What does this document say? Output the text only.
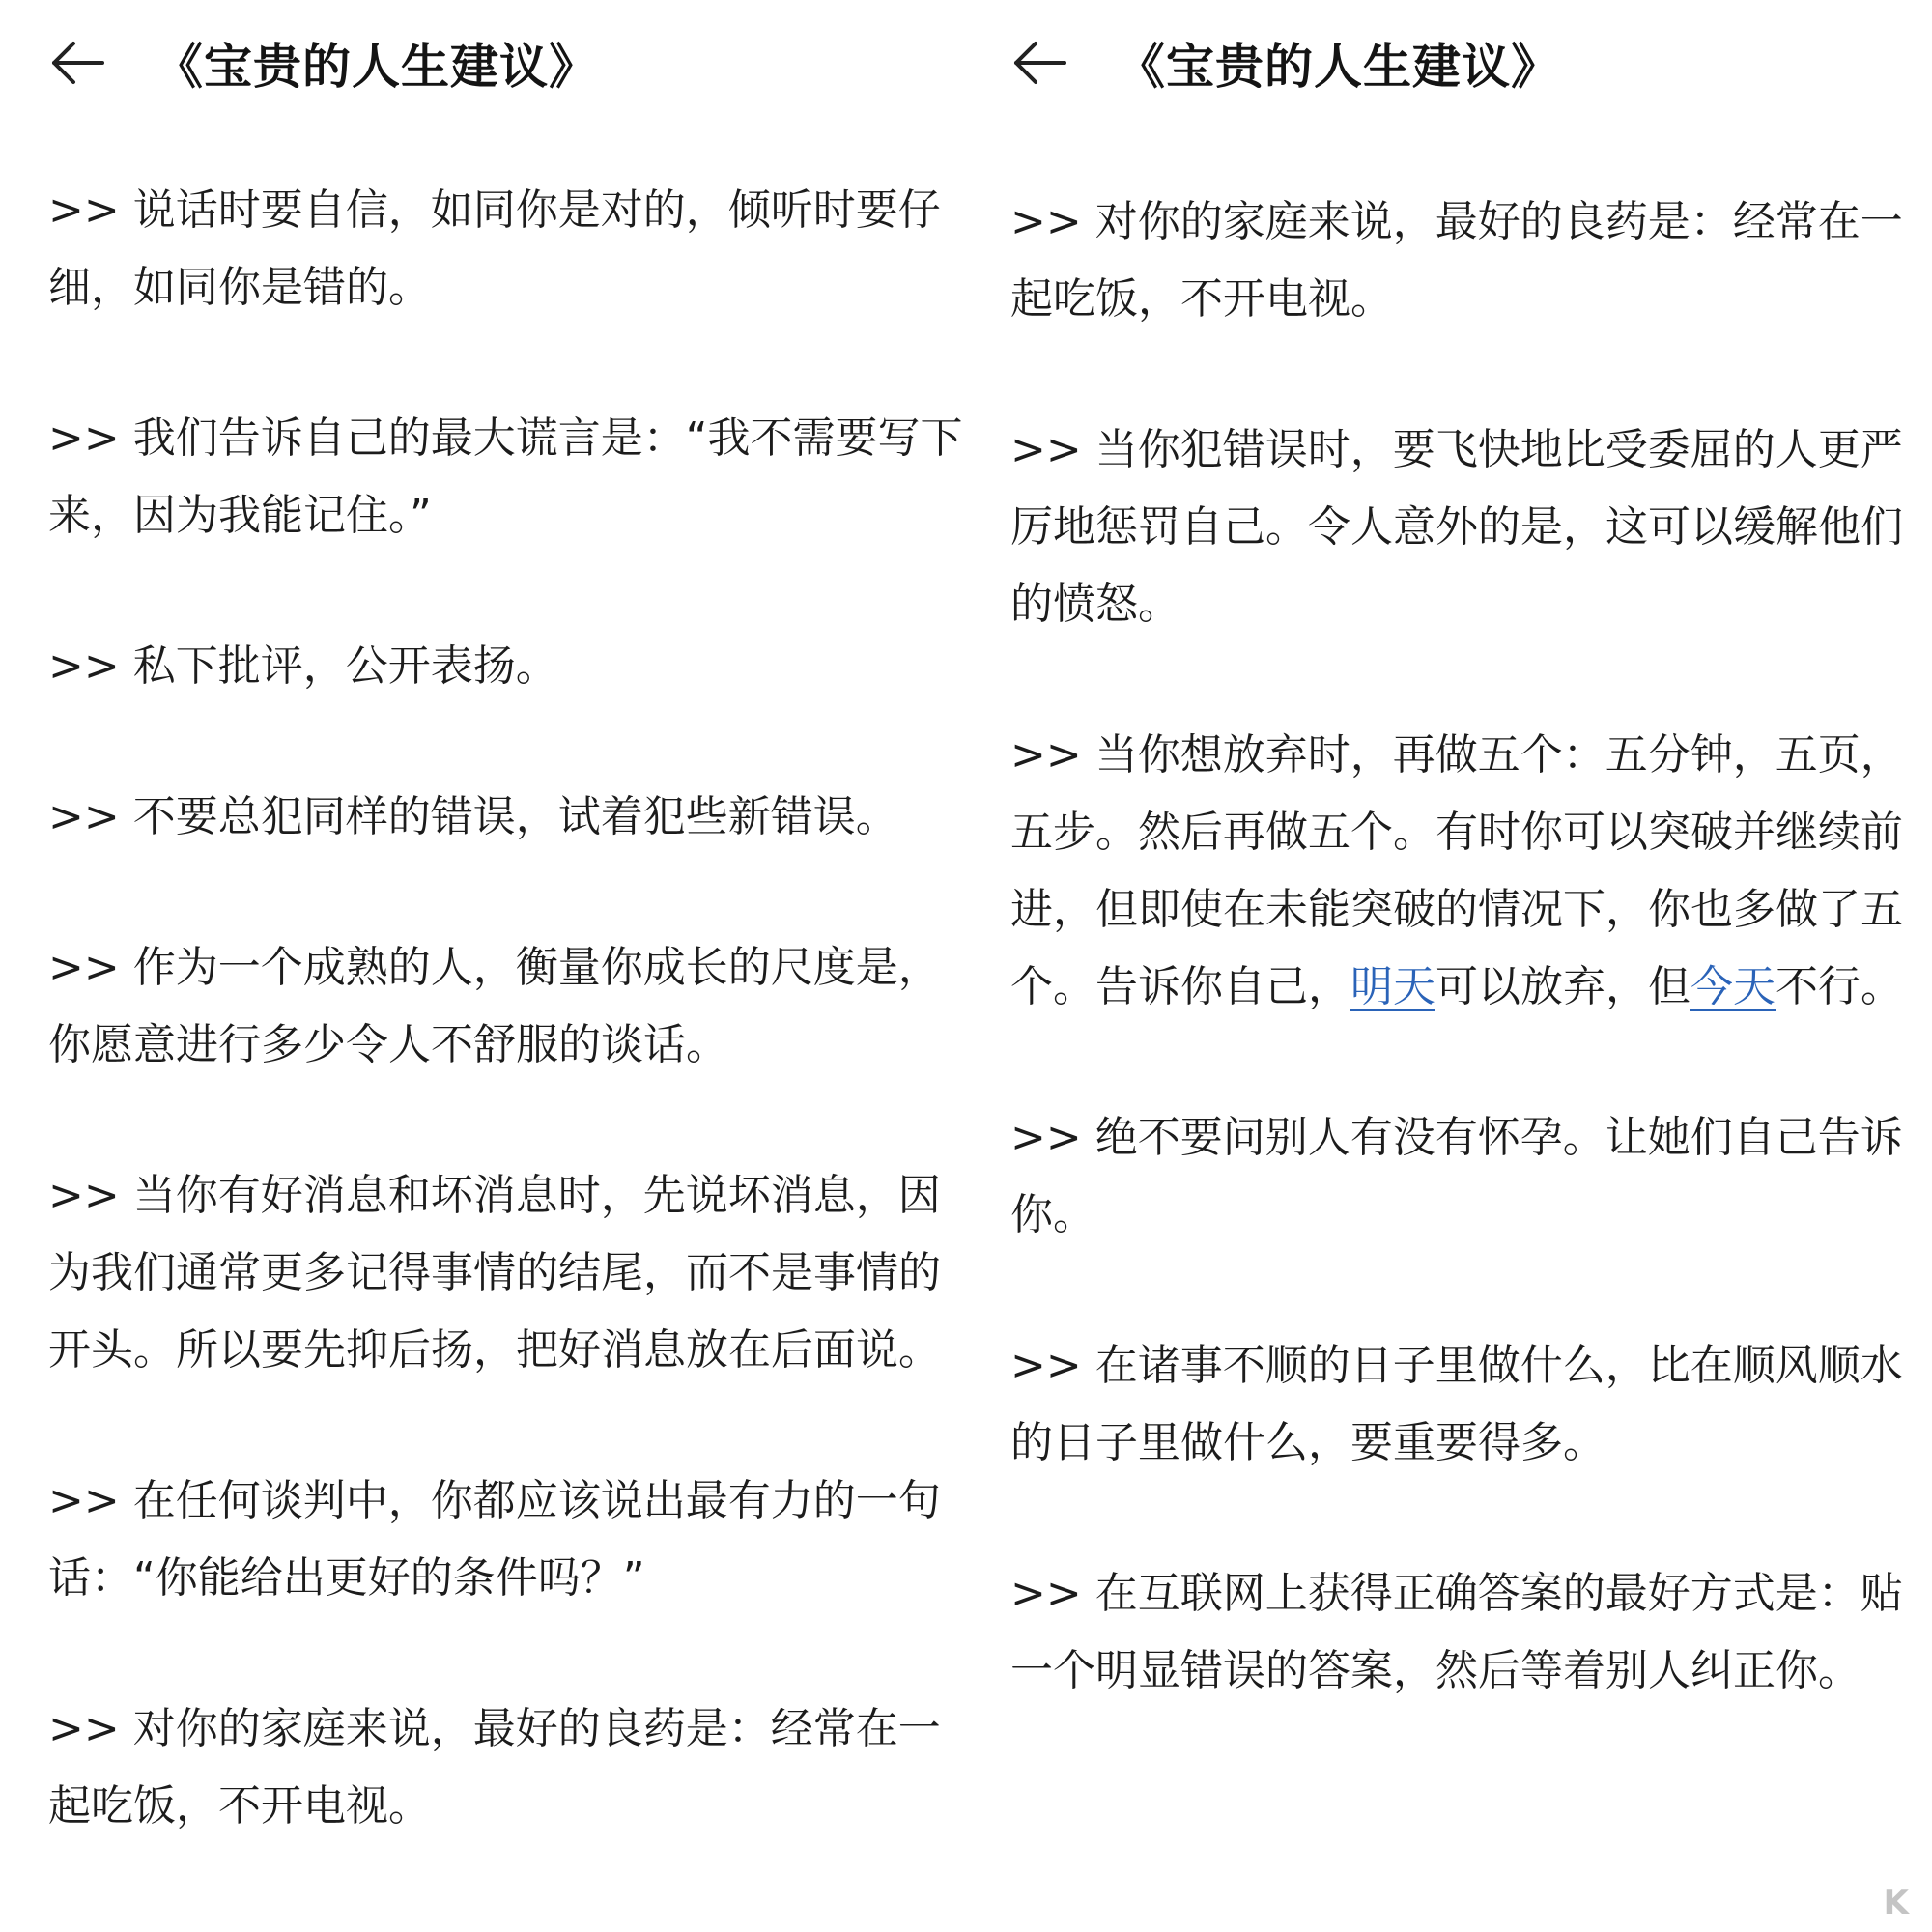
《宝贵的人生建议》

>> 说话时要自信，如同你是对的，倾听时要仔细，如同你是错的。

>> 我们告诉自己的最大谎言是：“我不需要写下来，因为我能记住。”

>> 私下批评，公开表扬。

>> 不要总犯同样的错误，试着犯些新错误。

>> 作为一个成熟的人，衡量你成长的尺度是，你愿意进行多少令人不舒服的谈话。

>> 当你有好消息和坏消息时，先说坏消息，因为我们通常更多记得事情的结尾，而不是事情的开头。所以要先抑后扬，把好消息放在后面说。

>> 在任何谈判中，你都应该说出最有力的一句话：“你能给出更好的条件吗？”

>> 对你的家庭来说，最好的良药是：经常在一起吃饭，不开电视。

《宝贵的人生建议》

>> 对你的家庭来说，最好的良药是：经常在一起吃饭，不开电视。

>> 当你犯错误时，要飞快地比受委屈的人更严厉地惩罚自己。令人意外的是，这可以缓解他们的愤怒。

>> 当你想放弃时，再做五个：五分钟，五页，五步。然后再做五个。有时你可以突破并继续前进，但即使在未能突破的情况下，你也多做了五个。告诉你自己，明天可以放弃，但今天不行。

>> 绝不要问别人有没有怀孕。让她们自己告诉你。

>> 在诸事不顺的日子里做什么，比在顺风顺水的日子里做什么，要重要得多。

>> 在互联网上获得正确答案的最好方式是：贴一个明显错误的答案，然后等着别人纠正你。

K
